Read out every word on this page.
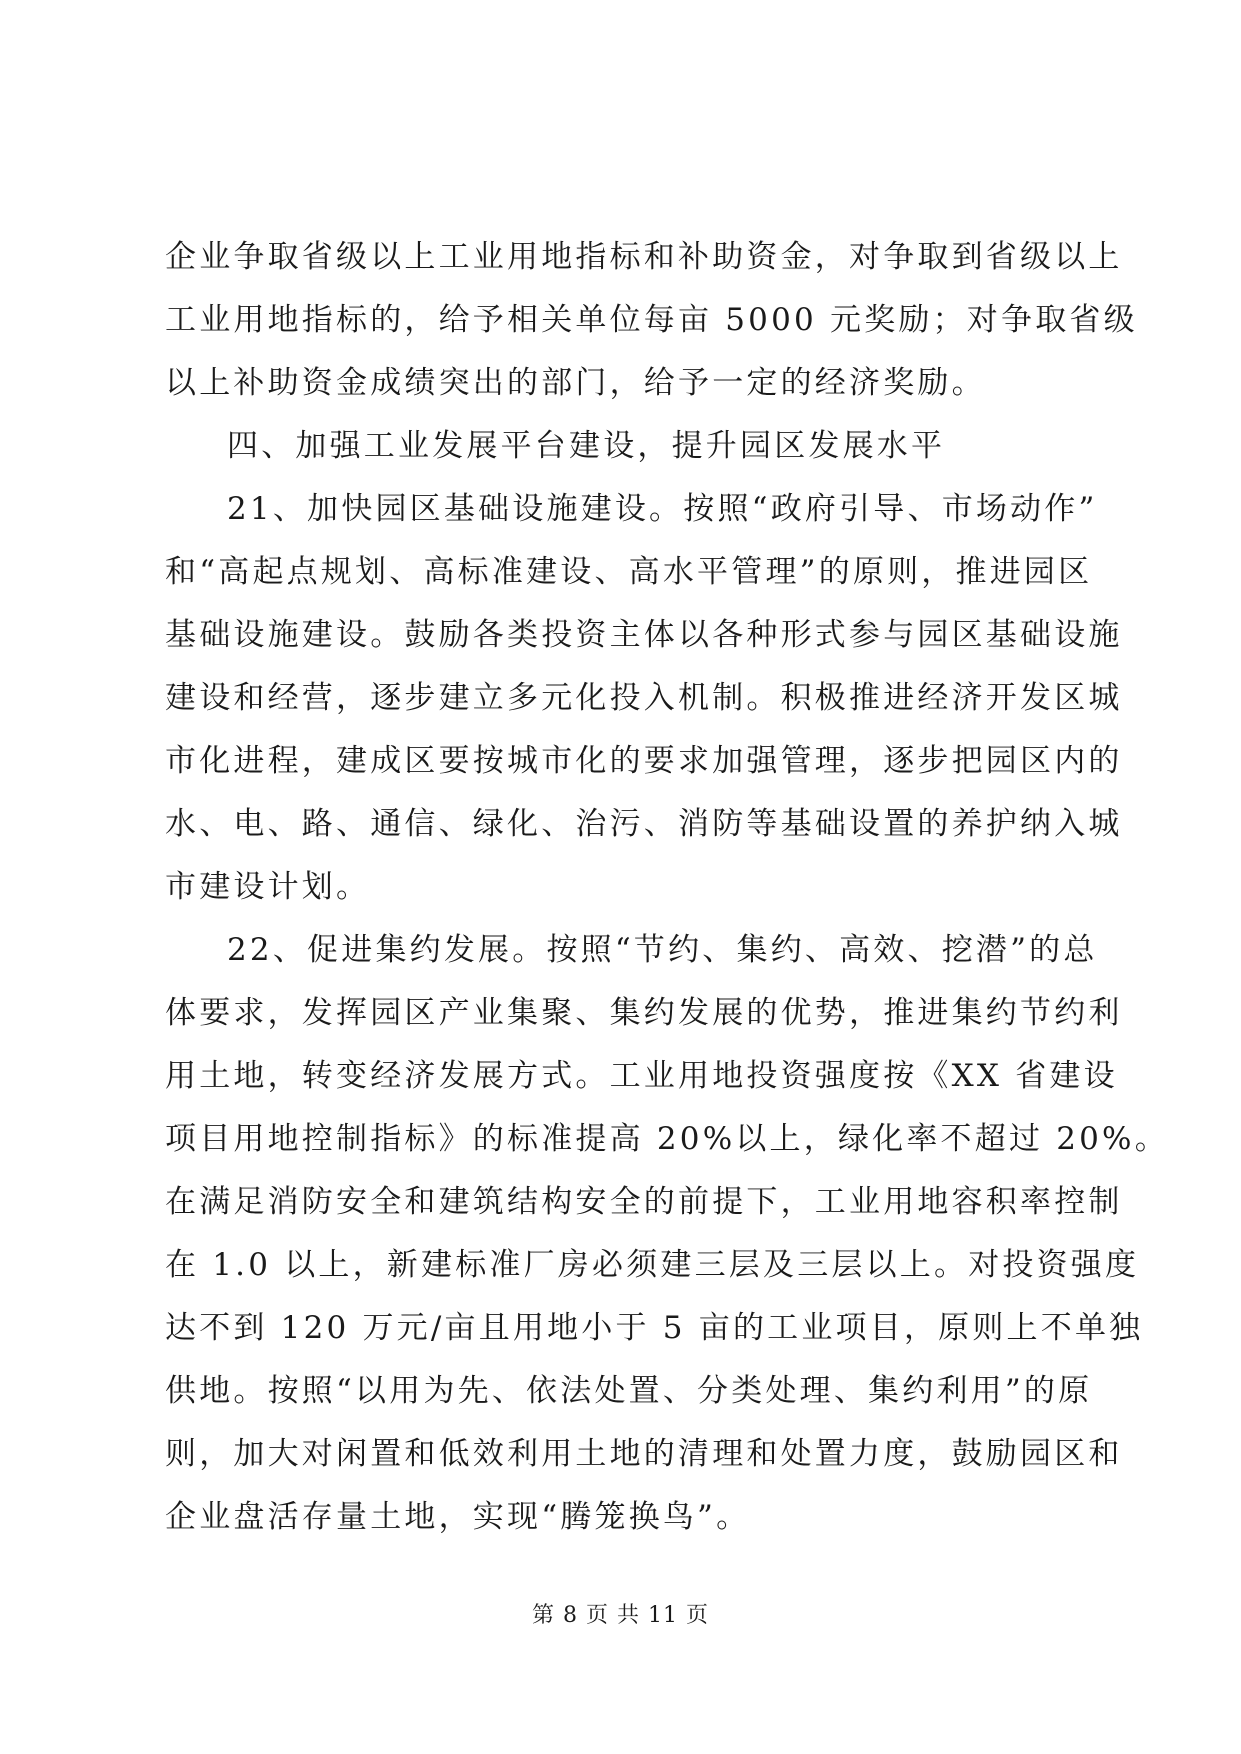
企业争取省级以上工业用地指标和补助资金，对争取到省级以上
工业用地指标的，给予相关单位每亩 5000 元奖励；对争取省级
以上补助资金成绩突出的部门，给予一定的经济奖励。
四、加强工业发展平台建设，提升园区发展水平
21、加快园区基础设施建设。按照“政府引导、市场动作”
和“高起点规划、高标准建设、高水平管理”的原则，推进园区
基础设施建设。鼓励各类投资主体以各种形式参与园区基础设施
建设和经营，逐步建立多元化投入机制。积极推进经济开发区城
市化进程，建成区要按城市化的要求加强管理，逐步把园区内的
水、电、路、通信、绿化、治污、消防等基础设置的养护纳入城
市建设计划。
22、促进集约发展。按照“节约、集约、高效、挖潜”的总
体要求，发挥园区产业集聚、集约发展的优势，推进集约节约利
用土地，转变经济发展方式。工业用地投资强度按《XX 省建设
项目用地控制指标》的标准提高 20%以上，绿化率不超过 20%。
在满足消防安全和建筑结构安全的前提下，工业用地容积率控制
在 1.0 以上，新建标准厂房必须建三层及三层以上。对投资强度
达不到 120 万元/亩且用地小于 5 亩的工业项目，原则上不单独
供地。按照“以用为先、依法处置、分类处理、集约利用”的原
则，加大对闲置和低效利用土地的清理和处置力度，鼓励园区和
企业盘活存量土地，实现“腾笼换鸟”。
第 8 页 共 11 页
